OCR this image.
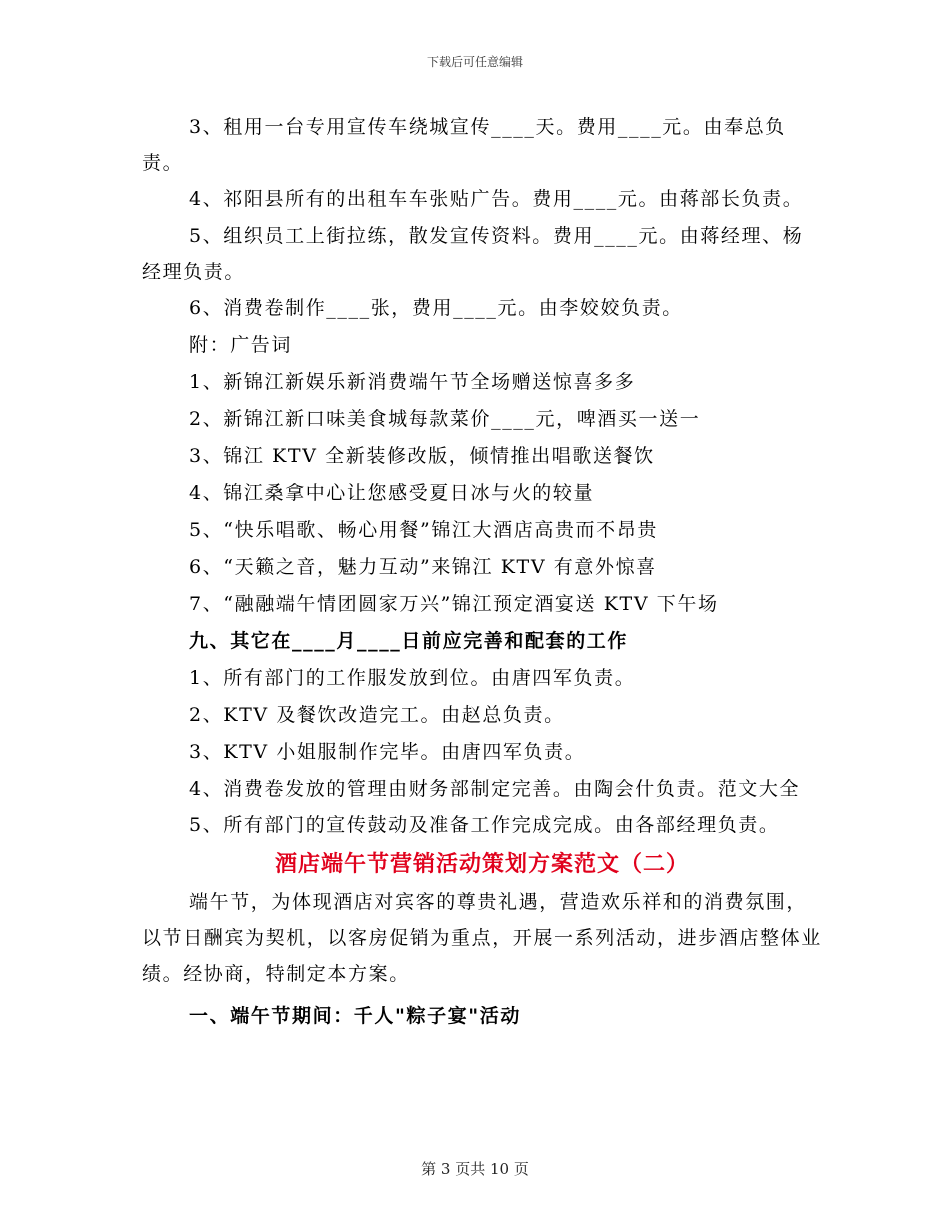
下载后可任意编辑

3、租用一台专用宣传车绕城宣传____天。费用____元。由奉总负责。

4、祁阳县所有的出租车车张贴广告。费用____元。由蒋部长负责。

5、组织员工上街拉练，散发宣传资料。费用____元。由蒋经理、杨经理负责。

6、消费卷制作____张，费用____元。由李姣姣负责。

附：广告词

1、新锦江新娱乐新消费端午节全场赠送惊喜多多

2、新锦江新口味美食城每款菜价____元，啤酒买一送一

3、锦江 KTV 全新装修改版，倾情推出唱歌送餐饮

4、锦江桑拿中心让您感受夏日冰与火的较量

5、“快乐唱歌、畅心用餐”锦江大酒店高贵而不昂贵

6、“天籁之音，魅力互动”来锦江 KTV 有意外惊喜

7、“融融端午情团圆家万兴”锦江预定酒宴送 KTV 下午场

九、其它在____月____日前应完善和配套的工作

1、所有部门的工作服发放到位。由唐四军负责。

2、KTV 及餐饮改造完工。由赵总负责。

3、KTV 小姐服制作完毕。由唐四军负责。

4、消费卷发放的管理由财务部制定完善。由陶会什负责。范文大全

5、所有部门的宣传鼓动及准备工作完成完成。由各部经理负责。

酒店端午节营销活动策划方案范文（二）

端午节，为体现酒店对宾客的尊贵礼遇，营造欢乐祥和的消费氛围，以节日酬宾为契机，以客房促销为重点，开展一系列活动，进步酒店整体业绩。经协商，特制定本方案。

一、端午节期间：千人"粽子宴"活动

第 3 页共 10 页
